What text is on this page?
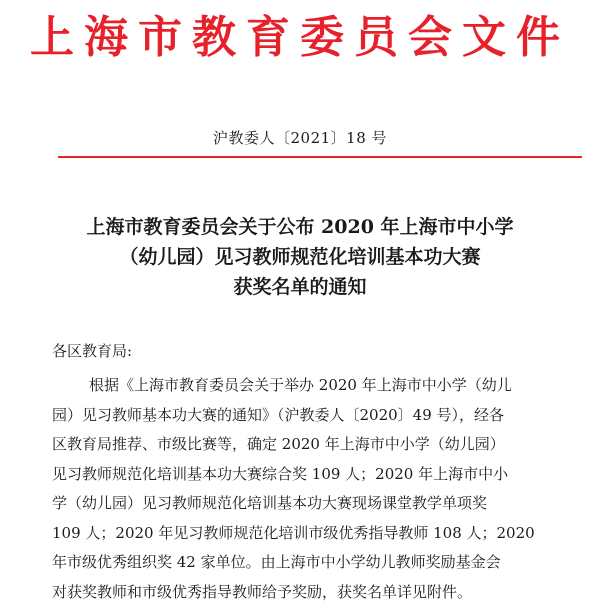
上海市教育委员会文件
沪教委人〔2021〕18 号
上海市教育委员会关于公布 2020 年上海市中小学
（幼儿园）见习教师规范化培训基本功大赛
获奖名单的通知
各区教育局:
根据《上海市教育委员会关于举办 2020 年上海市中小学（幼儿
园）见习教师基本功大赛的通知》（沪教委人〔2020〕49 号），经各
区教育局推荐、市级比赛等，确定 2020 年上海市中小学（幼儿园）
见习教师规范化培训基本功大赛综合奖 109 人；2020 年上海市中小
学（幼儿园）见习教师规范化培训基本功大赛现场课堂教学单项奖
109 人；2020 年见习教师规范化培训市级优秀指导教师 108 人；2020
年市级优秀组织奖 42 家单位。由上海市中小学幼儿教师奖励基金会
对获奖教师和市级优秀指导教师给予奖励，获奖名单详见附件。
